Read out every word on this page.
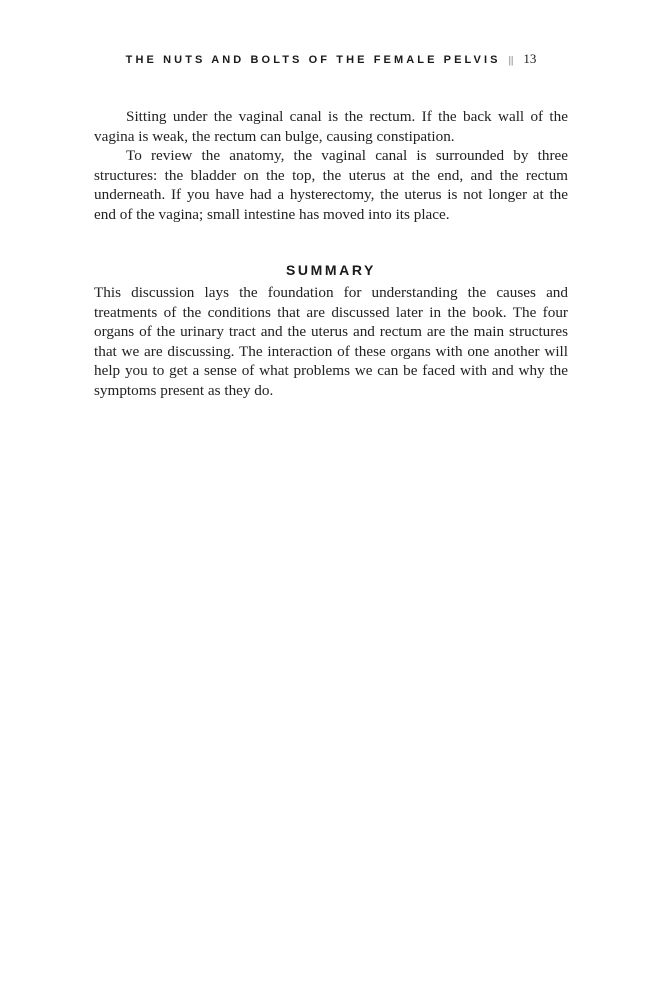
THE NUTS AND BOLTS OF THE FEMALE PELVIS || 13

Sitting under the vaginal canal is the rectum. If the back wall of the vagina is weak, the rectum can bulge, causing constipation.

To review the anatomy, the vaginal canal is surrounded by three structures: the bladder on the top, the uterus at the end, and the rectum underneath. If you have had a hysterectomy, the uterus is not longer at the end of the vagina; small intestine has moved into its place.

SUMMARY

This discussion lays the foundation for understanding the causes and treatments of the conditions that are discussed later in the book. The four organs of the urinary tract and the uterus and rectum are the main structures that we are discussing. The interaction of these organs with one another will help you to get a sense of what problems we can be faced with and why the symptoms present as they do.
